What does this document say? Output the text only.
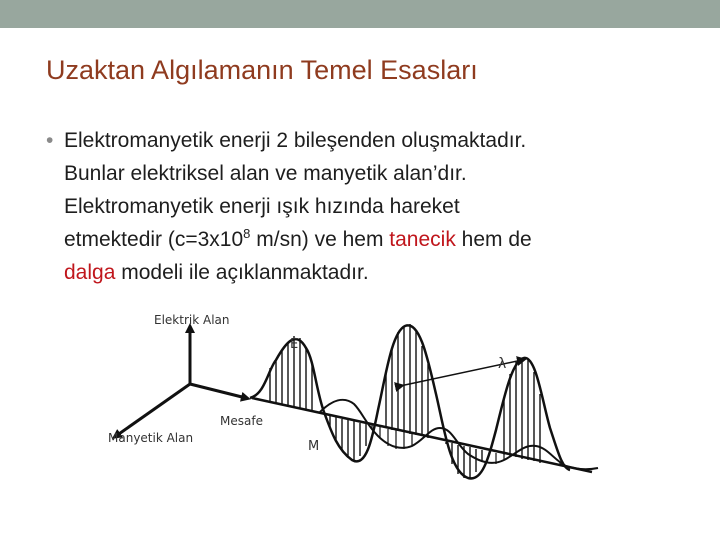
Uzaktan Algılamanın Temel Esasları
• Elektromanyetik enerji 2 bileşenden oluşmaktadır.
Bunlar elektriksel alan ve manyetik alan’dır.
Elektromanyetik enerji ışık hızında hareket
etmektedir ($c=3x10^8$ m/sn) ve hem tanecik hem de
dalga modeli ile açıklanmaktadır.
Elektrik Alan
Manyetik Alan
Mesafe
E
M
λ
